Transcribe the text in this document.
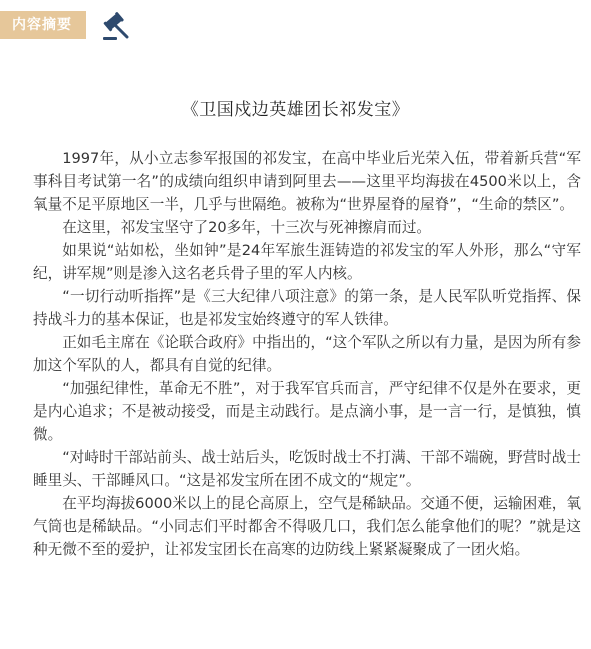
内容摘要
《卫国戍边英雄团长祁发宝》

1997年，从小立志参军报国的祁发宝，在高中毕业后光荣入伍，带着新兵营“军事科目考试第一名”的成绩向组织申请到阿里去——这里平均海拔在4500米以上，含氧量不足平原地区一半，几乎与世隔绝。被称为“世界屋脊的屋脊”，“生命的禁区”。

在这里，祁发宝坚守了20多年，十三次与死神擦肩而过。

如果说“站如松，坐如钟”是24年军旅生涯铸造的祁发宝的军人外形，那么“守军纪，讲军规”则是渗入这名老兵骨子里的军人内核。

“一切行动听指挥”是《三大纪律八项注意》的第一条，是人民军队听党指挥、保持战斗力的基本保证，也是祁发宝始终遵守的军人铁律。

正如毛主席在《论联合政府》中指出的，“这个军队之所以有力量，是因为所有参加这个军队的人，都具有自觉的纪律。

“加强纪律性，革命无不胜”，对于我军官兵而言，严守纪律不仅是外在要求，更是内心追求；不是被动接受，而是主动践行。是点滴小事，是一言一行，是慎独，慎微。

“对峙时干部站前头、战士站后头，吃饭时战士不打满、干部不端碗，野营时战士睡里头、干部睡风口。“这是祁发宝所在团不成文的“规定”。

在平均海拔6000米以上的昆仑高原上，空气是稀缺品。交通不便，运输困难，氧气筒也是稀缺品。“小同志们平时都舍不得吸几口，我们怎么能拿他们的呢？”就是这种无微不至的爱护，让祁发宝团长在高寒的边防线上紧紧凝聚成了一团火焰。
